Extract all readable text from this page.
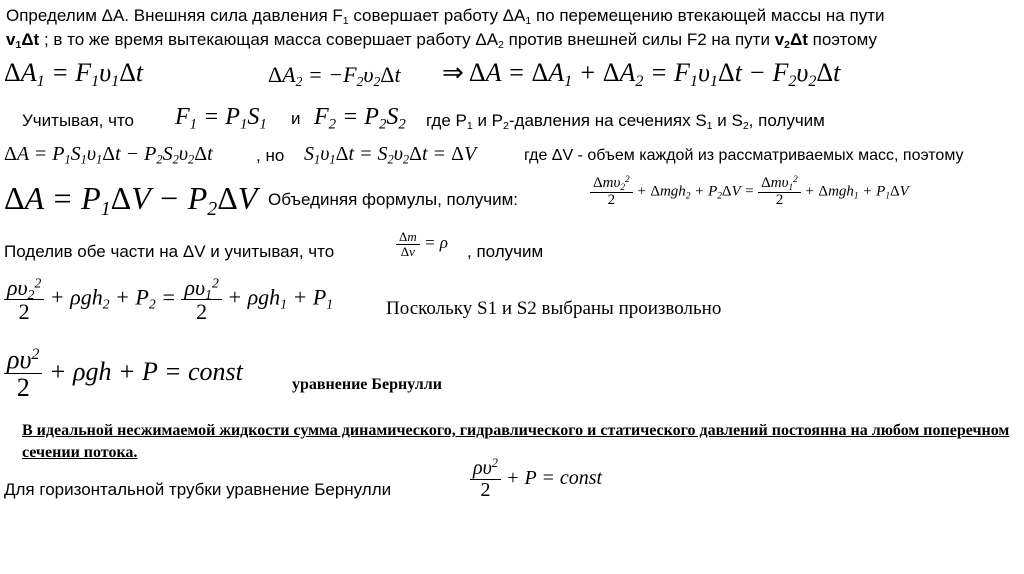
Определим ΔA. Внешняя сила давления $F_1$ совершает работу $\Delta A_1$ по перемещению втекающей массы на пути
$v_1\Delta t$ ; в то же время вытекающая масса совершает работу $\Delta A_2$ против внешней силы F2 на пути $v_2\Delta t$ поэтому
$\Delta A_1 = F_1\upsilon_1\Delta t$	$\Delta A_2 = -F_2\upsilon_2\Delta t$ ⇒ $\Delta A = \Delta A_1 + \Delta A_2 = F_1\upsilon_1\Delta t - F_2\upsilon_2\Delta t$
Учитывая, что $F_1 = P_1S_1$ и $F_2 = P_2S_2$ где $P_1$ и $P_2$-давления на сечениях $S_1$ и $S_2$, получим
$\Delta A = P_1S_1\upsilon_1\Delta t - P_2S_2\upsilon_2\Delta t$	, но $S_1\upsilon_1\Delta t = S_2\upsilon_2\Delta t = \Delta V$	где ΔV - объем каждой из рассматриваемых масс, поэтому
$\Delta A = P_1\Delta V - P_2\Delta V$ Объединяя формулы, получим:	$\frac{\Delta m\upsilon_2^2}{2} + \Delta mgh_2 + P_2\Delta V = \frac{\Delta m\upsilon_1^2}{2} + \Delta mgh_1 + P_1\Delta V$
Поделив обе части на ΔV и учитывая, что	$\frac{\Delta m}{\Delta v} = \rho$ , получим
$\frac{\rho\upsilon_2^2}{2} + \rho gh_2 + P_2 = \frac{\rho\upsilon_1^2}{2} + \rho gh_1 + P_1$	Поскольку S1 и S2 выбраны произвольно
$\frac{\rho\upsilon^2}{2} + \rho gh + P$ = const	уравнение Бернулли
В идеальной несжимаемой жидкости сумма динамического, гидравлического и статического давлений постоянна на любом поперечном сечении потока.
Для горизонтальной трубки уравнение Бернулли	$\frac{\rho\upsilon^2}{2} + P$ = const
